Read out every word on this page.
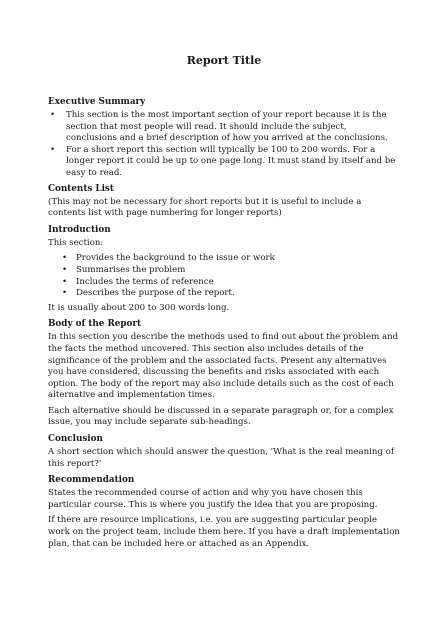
Report Title
Executive Summary
• This section is the most important section of your report because it is the section that most people will read. It should include the subject, conclusions and a brief description of how you arrived at the conclusions.
• For a short report this section will typically be 100 to 200 words. For a longer report it could be up to one page long. It must stand by itself and be easy to read.
Contents List
(This may not be necessary for short reports but it is useful to include a contents list with page numbering for longer reports)
Introduction
This section:
• Provides the background to the issue or work
• Summarises the problem
• Includes the terms of reference
• Describes the purpose of the report.
It is usually about 200 to 300 words long.
Body of the Report
In this section you describe the methods used to find out about the problem and the facts the method uncovered. This section also includes details of the significance of the problem and the associated facts. Present any alternatives you have considered, discussing the benefits and risks associated with each option. The body of the report may also include details such as the cost of each alternative and implementation times.
Each alternative should be discussed in a separate paragraph or, for a complex issue, you may include separate sub-headings.
Conclusion
A short section which should answer the question, 'What is the real meaning of this report?'
Recommendation
States the recommended course of action and why you have chosen this particular course. This is where you justify the idea that you are proposing.
If there are resource implications, i.e. you are suggesting particular people work on the project team, include them here. If you have a draft implementation plan, that can be included here or attached as an Appendix.
